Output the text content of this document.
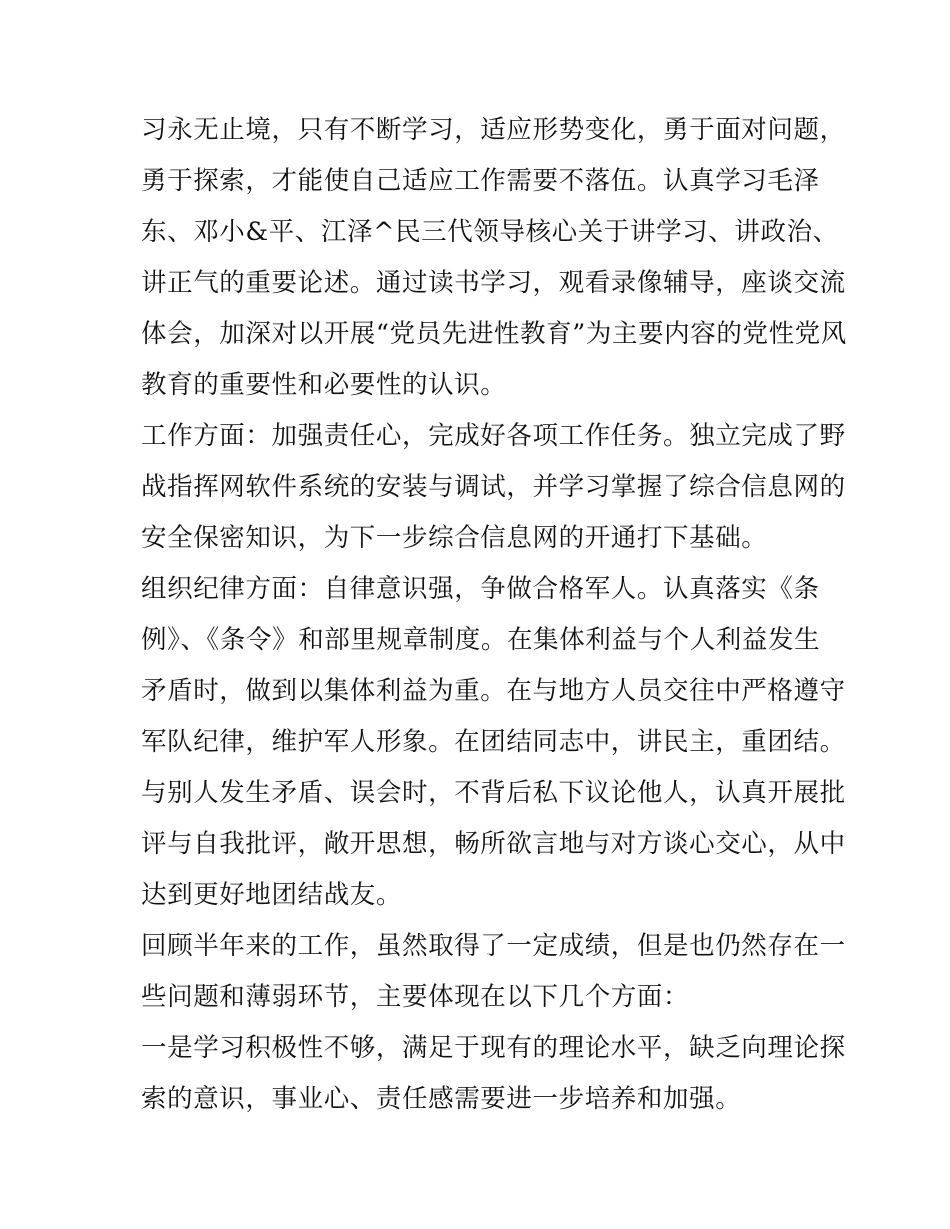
习永无止境，只有不断学习，适应形势变化，勇于面对问题，
勇于探索，才能使自己适应工作需要不落伍。认真学习毛泽
东、邓小&平、江泽^民三代领导核心关于讲学习、讲政治、
讲正气的重要论述。通过读书学习，观看录像辅导，座谈交流
体会，加深对以开展“党员先进性教育”为主要内容的党性党风
教育的重要性和必要性的认识。
工作方面：加强责任心，完成好各项工作任务。独立完成了野
战指挥网软件系统的安装与调试，并学习掌握了综合信息网的
安全保密知识，为下一步综合信息网的开通打下基础。
组织纪律方面：自律意识强，争做合格军人。认真落实《条
例》、《条令》和部里规章制度。在集体利益与个人利益发生
矛盾时，做到以集体利益为重。在与地方人员交往中严格遵守
军队纪律，维护军人形象。在团结同志中，讲民主，重团结。
与别人发生矛盾、误会时，不背后私下议论他人，认真开展批
评与自我批评，敞开思想，畅所欲言地与对方谈心交心，从中
达到更好地团结战友。
回顾半年来的工作，虽然取得了一定成绩，但是也仍然存在一
些问题和薄弱环节，主要体现在以下几个方面：
一是学习积极性不够，满足于现有的理论水平，缺乏向理论探
索的意识，事业心、责任感需要进一步培养和加强。
